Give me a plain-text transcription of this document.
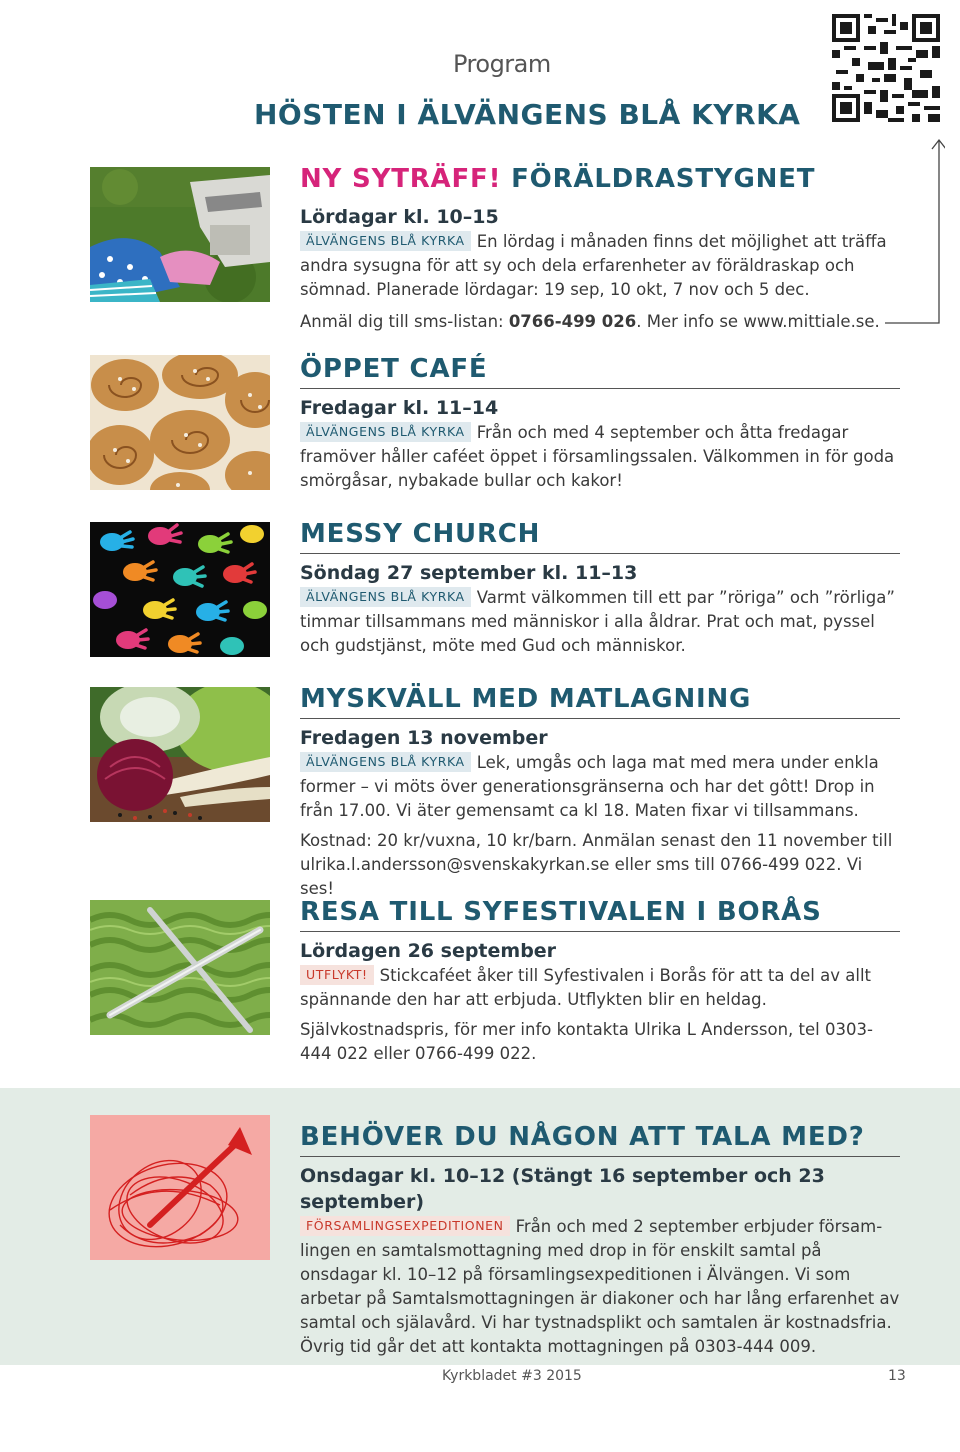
Program
HÖSTEN I ÄLVÄNGENS BLÅ KYRKA
NY SYTRÄFF! FÖRÄLDRASTYGNET
Lördagar kl. 10–15

ÄLVÄNGENS BLÅ KYRKA En lördag i månaden finns det möjlighet att träffa andra sysugna för att sy och dela erfarenheter av föräldraskap och sömnad. Planerade lördagar: 19 sep, 10 okt, 7 nov och 5 dec.

Anmäl dig till sms-listan: 0766-499 026. Mer info se www.mittiale.se.

ÖPPET CAFÉ
Fredagar kl. 11–14

ÄLVÄNGENS BLÅ KYRKA Från och med 4 september och åtta fredagar framöver håller caféet öppet i församlingssalen. Välkommen in för goda smörgåsar, nybakade bullar och kakor!

MESSY CHURCH
Söndag 27 september kl. 11–13

ÄLVÄNGENS BLÅ KYRKA Varmt välkommen till ett par ”röriga” och ”rörliga” timmar tillsammans med människor i alla åldrar. Prat och mat, pyssel och gudstjänst, möte med Gud och människor.

MYSKVÄLL MED MATLAGNING
Fredagen 13 november

ÄLVÄNGENS BLÅ KYRKA Lek, umgås och laga mat med mera under enkla former – vi möts över generationsgränserna och har det gôtt! Drop in från 17.00. Vi äter gemensamt ca kl 18. Maten fixar vi tillsammans.

Kostnad: 20 kr/vuxna, 10 kr/barn. Anmälan senast den 11 november till ulrika.l.andersson@svenskakyrkan.se eller sms till 0766-499 022. Vi ses!

RESA TILL SYFESTIVALEN I BORÅS
Lördagen 26 september

UTFLYKT! Stickcaféet åker till Syfestivalen i Borås för att ta del av allt spännande den har att erbjuda. Utflykten blir en heldag.

Självkostnadspris, för mer info kontakta Ulrika L Andersson, tel 0303-444 022 eller 0766-499 022.

BEHÖVER DU NÅGON ATT TALA MED?
Onsdagar kl. 10–12 (Stängt 16 september och 23 september)

FÖRSAMLINGSEXPEDITIONEN Från och med 2 september erbjuder församlingen en samtalsmottagning med drop in för enskilt samtal på onsdagar kl. 10–12 på församlingsexpeditionen i Älvängen. Vi som arbetar på Samtalsmottagningen är diakoner och har lång erfarenhet av samtal och själavård. Vi har tystnadsplikt och samtalen är kostnadsfria. Övrig tid går det att kontakta mottagningen på 0303-444 009.

Kyrkbladet #3 2015	13
